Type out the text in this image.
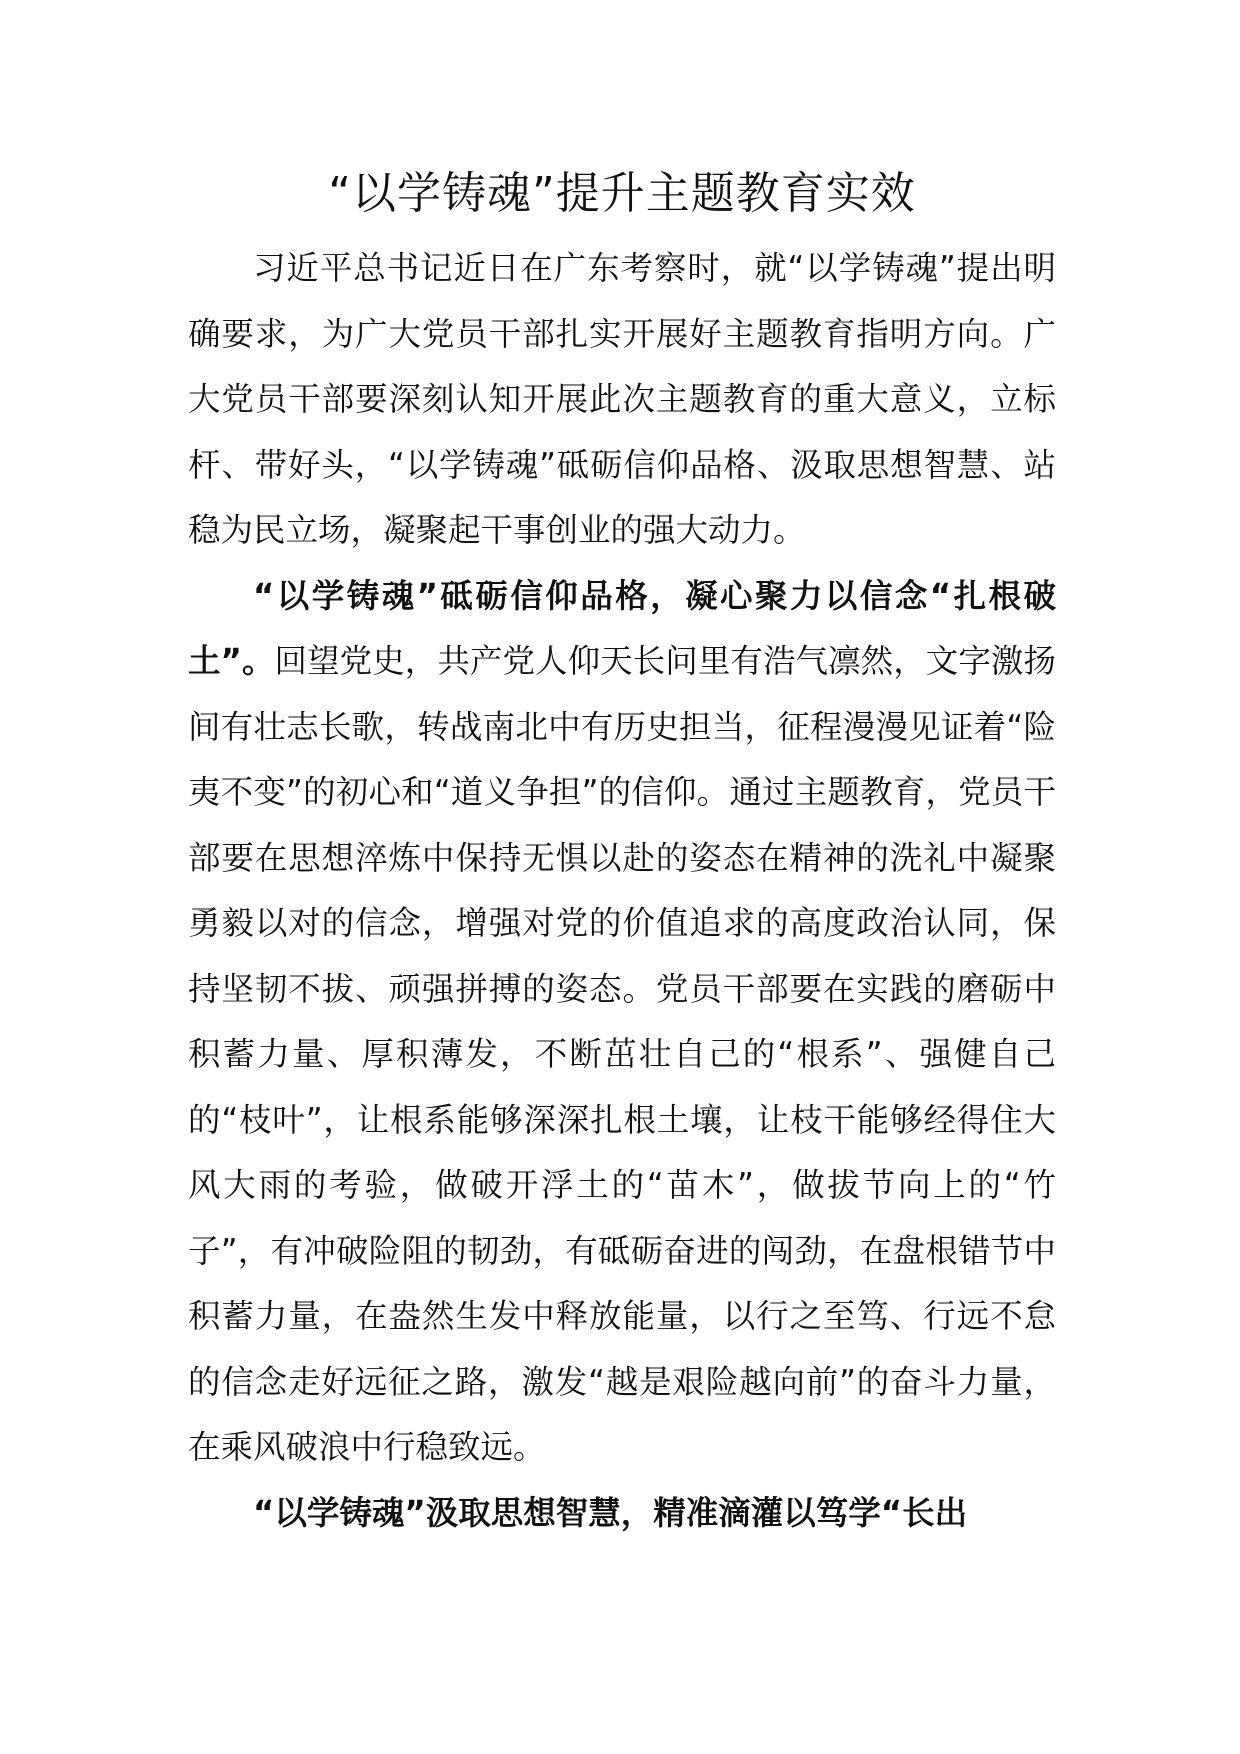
“以学铸魂”提升主题教育实效

习近平总书记近日在广东考察时，就“以学铸魂”提出明确要求，为广大党员干部扎实开展好主题教育指明方向。广大党员干部要深刻认知开展此次主题教育的重大意义，立标杆、带好头，“以学铸魂”砥砺信仰品格、汲取思想智慧、站稳为民立场，凝聚起干事创业的强大动力。

“以学铸魂”砥砺信仰品格，凝心聚力以信念“扎根破土”。回望党史，共产党人仰天长问里有浩气凛然，文字激扬间有壮志长歌，转战南北中有历史担当，征程漫漫见证着“险夷不变”的初心和“道义争担”的信仰。通过主题教育，党员干部要在思想淬炼中保持无惧以赴的姿态在精神的洗礼中凝聚勇毅以对的信念，增强对党的价值追求的高度政治认同，保持坚韧不拔、顽强拼搏的姿态。党员干部要在实践的磨砺中积蓄力量、厚积薄发，不断茁壮自己的“根系”、强健自己的“枝叶”，让根系能够深深扎根土壤，让枝干能够经得住大风大雨的考验，做破开浮土的“苗木”，做拔节向上的“竹子”，有冲破险阻的韧劲，有砥砺奋进的闯劲，在盘根错节中积蓄力量，在盎然生发中释放能量，以行之至笃、行远不怠的信念走好远征之路，激发“越是艰险越向前”的奋斗力量，在乘风破浪中行稳致远。

“以学铸魂”汲取思想智慧，精准滴灌以笃学“长出
